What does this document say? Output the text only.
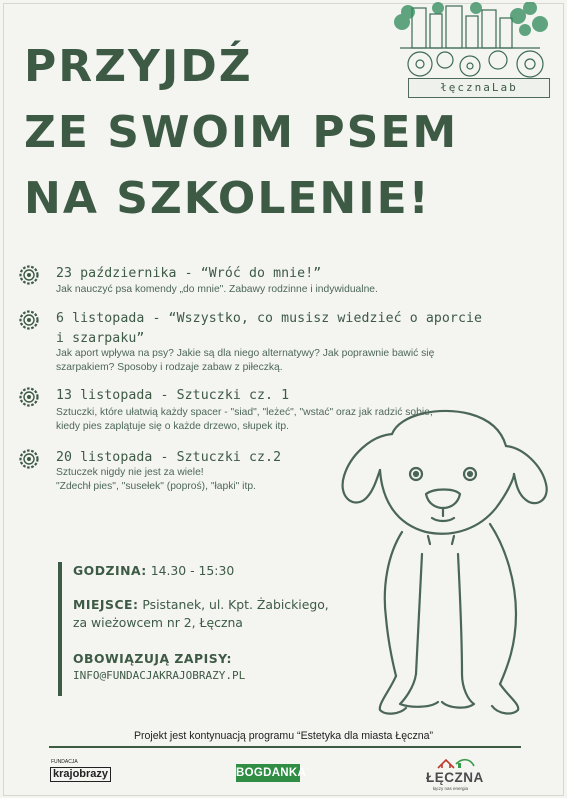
łęcznaLab
PRZYJDŹ
ZE SWOIM PSEM
NA SZKOLENIE!
23 października - “Wróć do mnie!”
Jak nauczyć psa komendy „do mnie". Zabawy rodzinne i indywidualne.
6 listopada - “Wszystko, co musisz wiedzieć o aporcie
i szarpaku”
Jak aport wpływa na psy? Jakie są dla niego alternatywy? Jak poprawnie bawić się
szarpakiem? Sposoby i rodzaje zabaw z piłeczką.
13 listopada - Sztuczki cz. 1
Sztuczki, które ułatwią każdy spacer - "siad", "leżeć", "wstać" oraz jak radzić sobie,
kiedy pies zaplątuje się o każde drzewo, słupek itp.
20 listopada - Sztuczki cz.2
Sztuczek nigdy nie jest za wiele!
"Zdechł pies", "susełek" (poproś), "łapki" itp.
GODZINA: 14.30 - 15:30
MIEJSCE: Psistanek, ul. Kpt. Żabickiego,
za wieżowcem nr 2, Łęczna
OBOWIĄZUJĄ ZAPISY:
INFO@FUNDACJAKRAJOBRAZY.PL
Projekt jest kontynuacją programu “Estetyka dla miasta Łęczna”
FUNDACJA
krajobrazy	BOGDANKA	ŁĘCZNA
łączy nas energia
